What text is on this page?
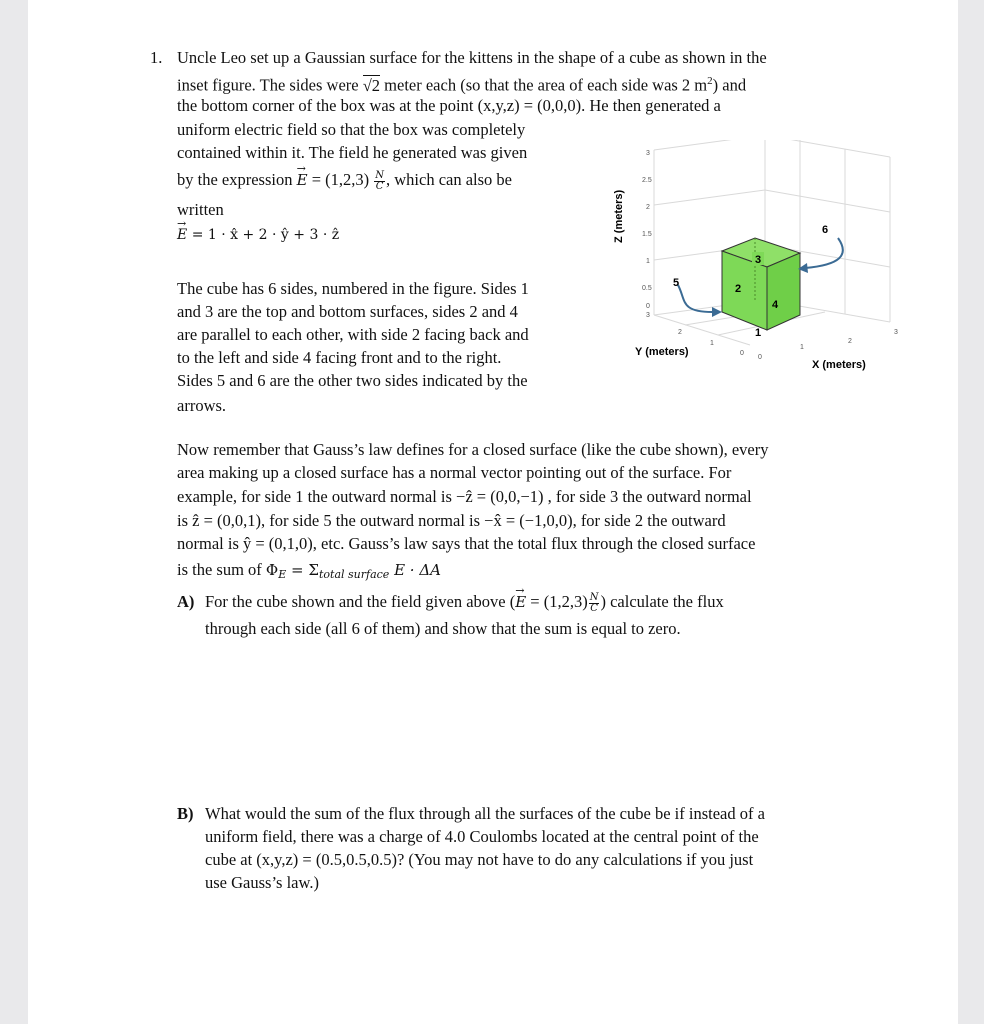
1. Uncle Leo set up a Gaussian surface for the kittens in the shape of a cube as shown in the
inset figure. The sides were √2 meter each (so that the area of each side was 2 $m^2$) and
the bottom corner of the box was at the point (x,y,z) = (0,0,0). He then generated a
uniform electric field so that the box was completely
contained within it. The field he generated was given
by the expression → $E = (1,2,3) \frac{N}{C}$ , which can also be
written
→ E = 1 · x̂ + 2 · ŷ + 3 · ẑ
The cube has 6 sides, numbered in the figure. Sides 1
and 3 are the top and bottom surfaces, sides 2 and 4
are parallel to each other, with side 2 facing back and
to the left and side 4 facing front and to the right.
Sides 5 and 6 are the other two sides indicated by the
arrows.
3
2
4
1
5
6
3
2.5
2
1.5
1
0.5
0
3
2
1
0
0
1
2
3
Z (meters)
Y (meters)
X (meters)
Now remember that Gauss’s law defines for a closed surface (like the cube shown), every
area making up a closed surface has a normal vector pointing out of the surface. For
example, for side 1 the outward normal is −ẑ = (0,0,−1) , for side 3 the outward normal
is ẑ = (0,0,1), for side 5 the outward normal is −x̂ = (−1,0,0), for side 2 the outward
normal is ŷ = (0,1,0), etc. Gauss’s law says that the total flux through the closed surface
is the sum of $\Phi_E = \Sigma_{total surface}$ E · ΔA
A) For the cube shown and the field given above (→ $E = (1,2,3) \frac{N}{C}$ ) calculate the flux
through each side (all 6 of them) and show that the sum is equal to zero.
B) What would the sum of the flux through all the surfaces of the cube be if instead of a
uniform field, there was a charge of 4.0 Coulombs located at the central point of the
cube at (x,y,z) = (0.5,0.5,0.5)? (You may not have to do any calculations if you just
use Gauss’s law.)
